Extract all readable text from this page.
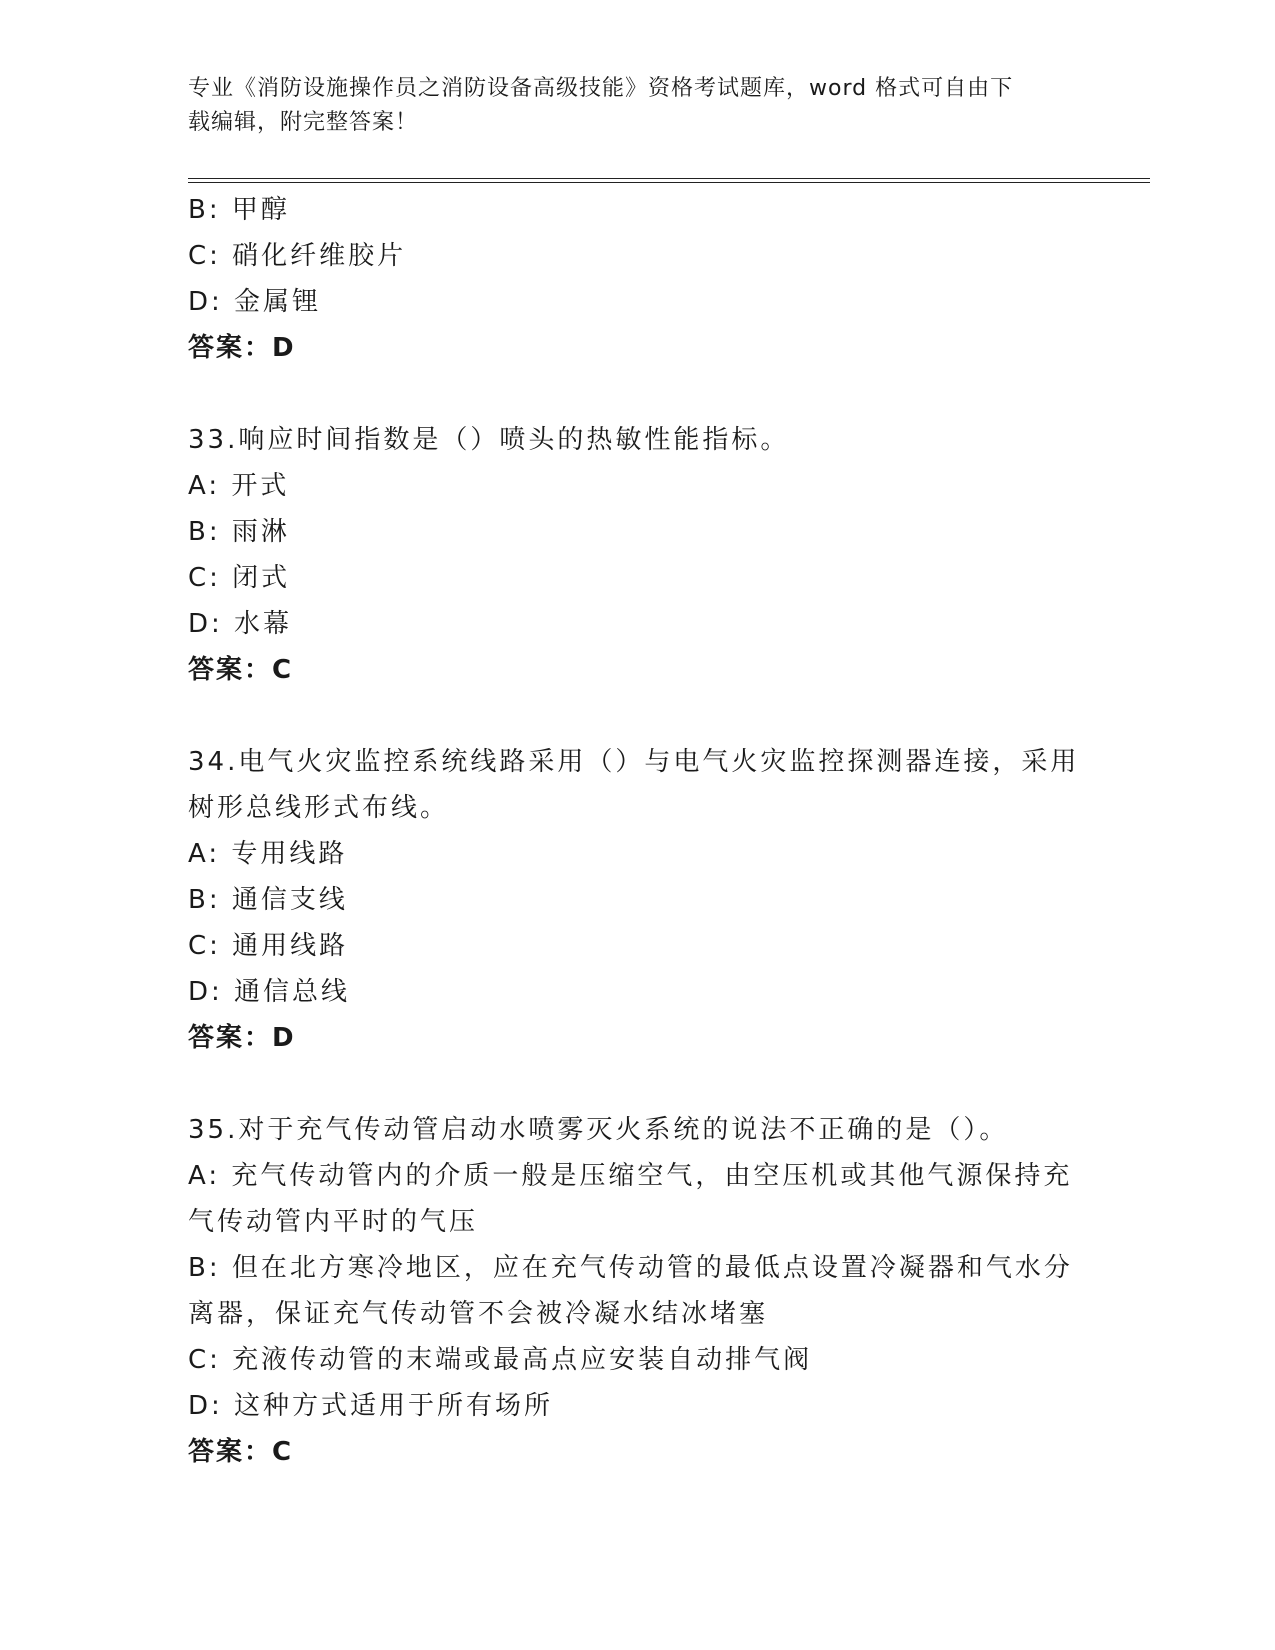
专业《消防设施操作员之消防设备高级技能》资格考试题库，word 格式可自由下
载编辑，附完整答案！
B: 甲醇
C: 硝化纤维胶片
D: 金属锂
答案：D
33.响应时间指数是（）喷头的热敏性能指标。
A: 开式
B: 雨淋
C: 闭式
D: 水幕
答案：C
34.电气火灾监控系统线路采用（）与电气火灾监控探测器连接，采用
树形总线形式布线。
A: 专用线路
B: 通信支线
C: 通用线路
D: 通信总线
答案：D
35.对于充气传动管启动水喷雾灭火系统的说法不正确的是（）。
A: 充气传动管内的介质一般是压缩空气，由空压机或其他气源保持充
气传动管内平时的气压
B: 但在北方寒冷地区，应在充气传动管的最低点设置冷凝器和气水分
离器，保证充气传动管不会被冷凝水结冰堵塞
C: 充液传动管的末端或最高点应安装自动排气阀
D: 这种方式适用于所有场所
答案：C
